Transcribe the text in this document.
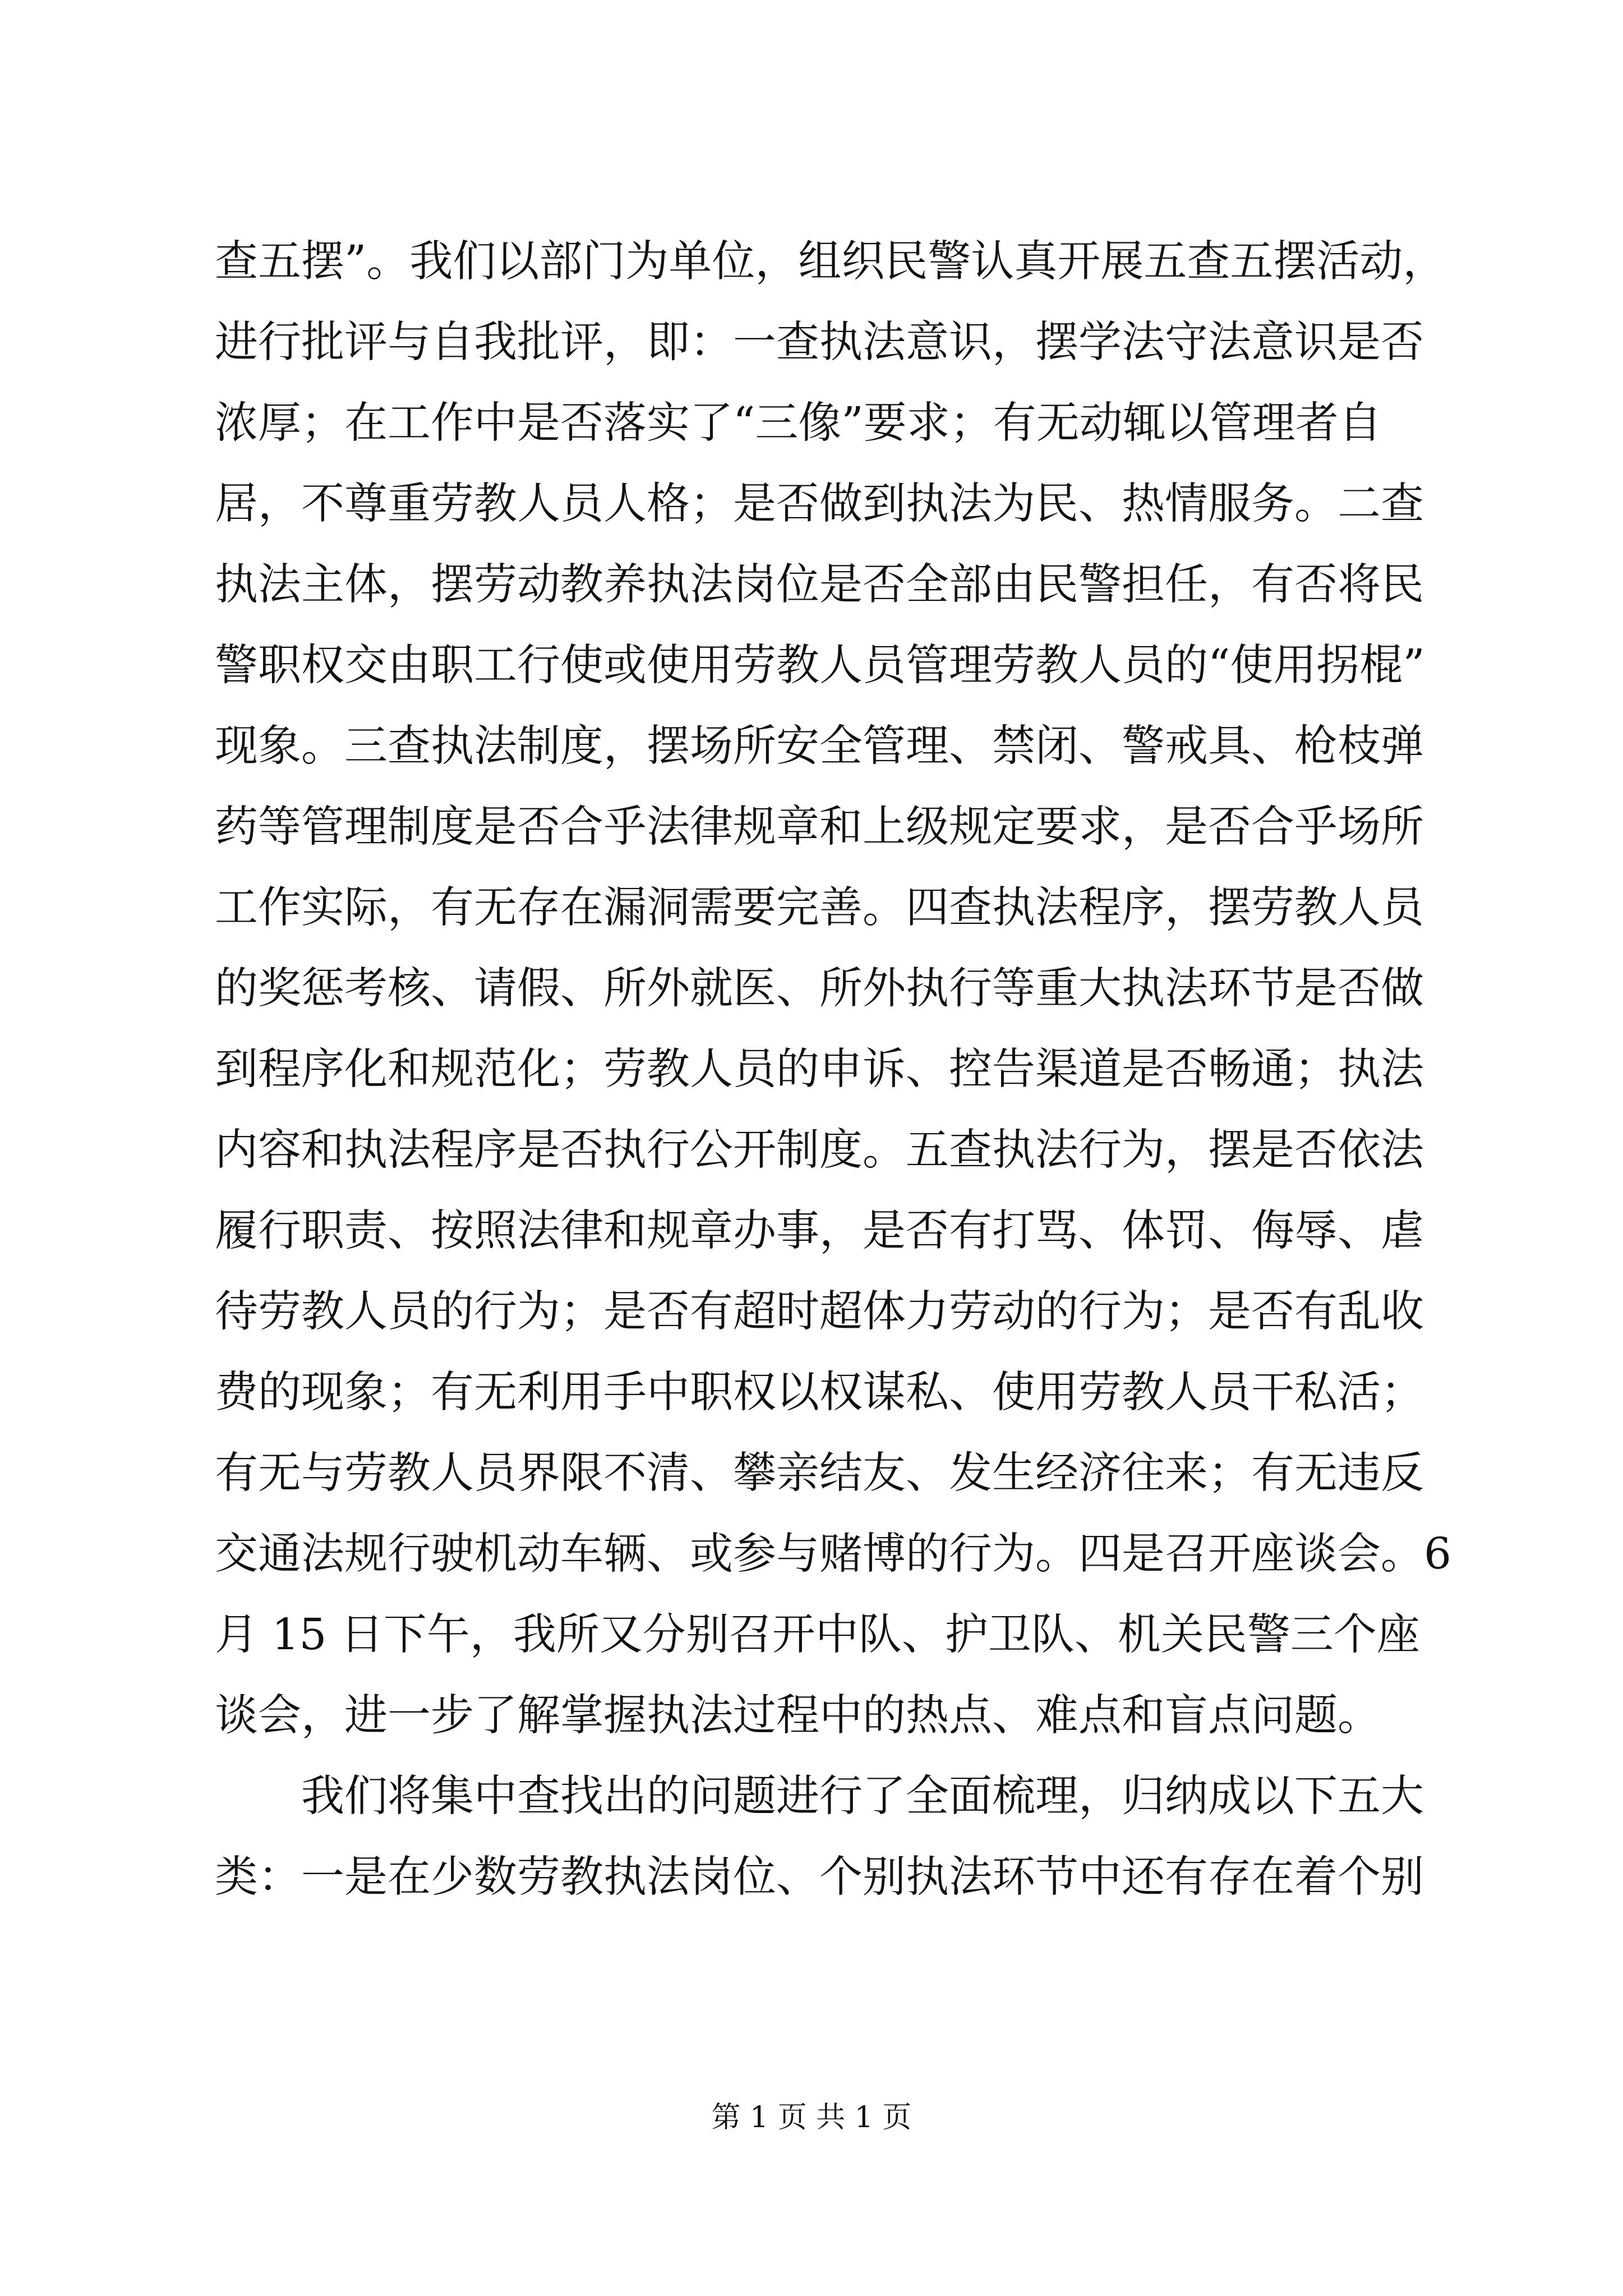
查五摆”。我们以部门为单位，组织民警认真开展五查五摆活动，
进行批评与自我批评，即：一查执法意识，摆学法守法意识是否
浓厚；在工作中是否落实了“三像”要求；有无动辄以管理者自
居，不尊重劳教人员人格；是否做到执法为民、热情服务。二查
执法主体，摆劳动教养执法岗位是否全部由民警担任，有否将民
警职权交由职工行使或使用劳教人员管理劳教人员的“使用拐棍”
现象。三查执法制度，摆场所安全管理、禁闭、警戒具、枪枝弹
药等管理制度是否合乎法律规章和上级规定要求，是否合乎场所
工作实际，有无存在漏洞需要完善。四查执法程序，摆劳教人员
的奖惩考核、请假、所外就医、所外执行等重大执法环节是否做
到程序化和规范化；劳教人员的申诉、控告渠道是否畅通；执法
内容和执法程序是否执行公开制度。五查执法行为，摆是否依法
履行职责、按照法律和规章办事，是否有打骂、体罚、侮辱、虐
待劳教人员的行为；是否有超时超体力劳动的行为；是否有乱收
费的现象；有无利用手中职权以权谋私、使用劳教人员干私活；
有无与劳教人员界限不清、攀亲结友、发生经济往来；有无违反
交通法规行驶机动车辆、或参与赌博的行为。四是召开座谈会。6
月 15 日下午，我所又分别召开中队、护卫队、机关民警三个座
谈会，进一步了解掌握执法过程中的热点、难点和盲点问题。
我们将集中查找出的问题进行了全面梳理，归纳成以下五大
类：一是在少数劳教执法岗位、个别执法环节中还有存在着个别
第 1 页 共 1 页
